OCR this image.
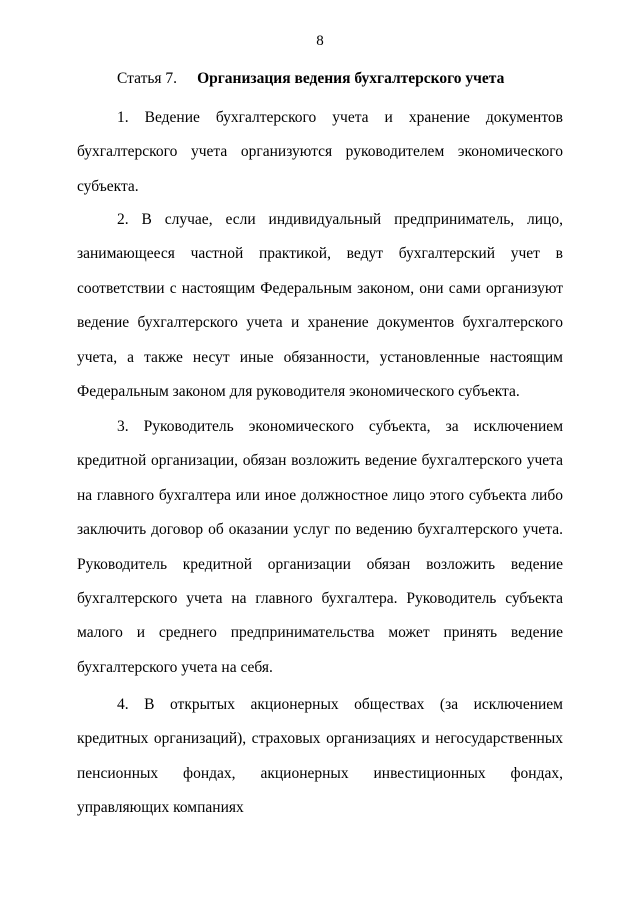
8
Статья 7. Организация ведения бухгалтерского учета

1. Ведение бухгалтерского учета и хранение документов бухгалтерского учета организуются руководителем экономического субъекта.

2. В случае, если индивидуальный предприниматель, лицо, занимающееся частной практикой, ведут бухгалтерский учет в соответствии с настоящим Федеральным законом, они сами организуют ведение бухгалтерского учета и хранение документов бухгалтерского учета, а также несут иные обязанности, установленные настоящим Федеральным законом для руководителя экономического субъекта.

3. Руководитель экономического субъекта, за исключением кредитной организации, обязан возложить ведение бухгалтерского учета на главного бухгалтера или иное должностное лицо этого субъекта либо заключить договор об оказании услуг по ведению бухгалтерского учета. Руководитель кредитной организации обязан возложить ведение бухгалтерского учета на главного бухгалтера. Руководитель субъекта малого и среднего предпринимательства может принять ведение бухгалтерского учета на себя.

4. В открытых акционерных обществах (за исключением кредитных организаций), страховых организациях и негосударственных пенсионных фондах, акционерных инвестиционных фондах, управляющих компаниях
